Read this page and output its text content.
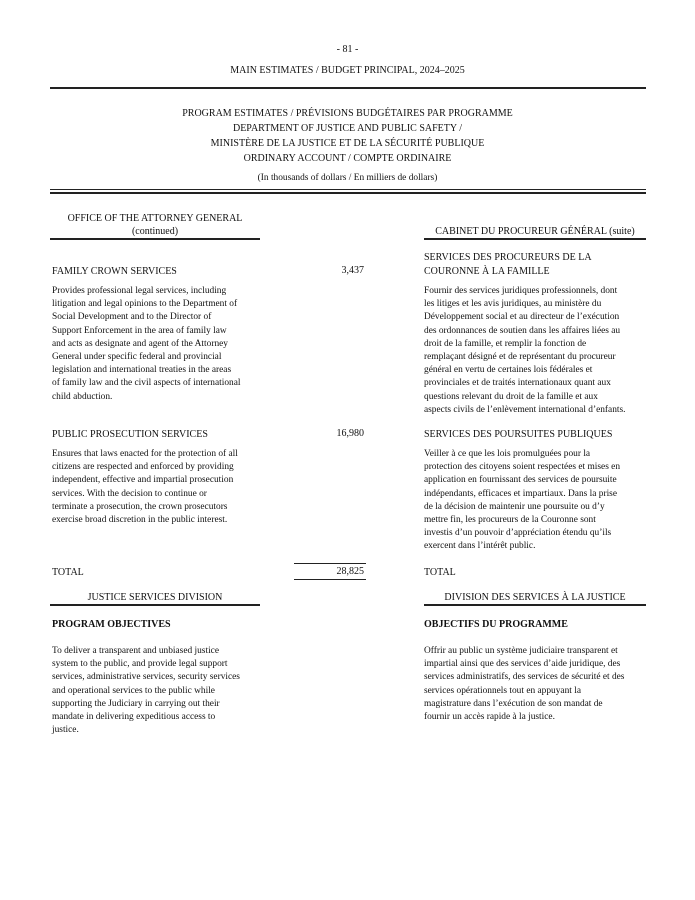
- 81 -
MAIN ESTIMATES / BUDGET PRINCIPAL, 2024–2025
PROGRAM ESTIMATES / PRÉVISIONS BUDGÉTAIRES PAR PROGRAMME
DEPARTMENT OF JUSTICE AND PUBLIC SAFETY /
MINISTÈRE DE LA JUSTICE ET DE LA SÉCURITÉ PUBLIQUE
ORDINARY ACCOUNT / COMPTE ORDINAIRE
(In thousands of dollars / En milliers de dollars)
OFFICE OF THE ATTORNEY GENERAL
(continued)	CABINET DU PROCUREUR GÉNÉRAL (suite)
FAMILY CROWN SERVICES	3,437
SERVICES DES PROCUREURS DE LA
COURONNE À LA FAMILLE
Provides professional legal services, including
litigation and legal opinions to the Department of
Social Development and to the Director of
Support Enforcement in the area of family law
and acts as designate and agent of the Attorney
General under specific federal and provincial
legislation and international treaties in the areas
of family law and the civil aspects of international
child abduction.
Fournir des services juridiques professionnels, dont
les litiges et les avis juridiques, au ministère du
Développement social et au directeur de l’exécution
des ordonnances de soutien dans les affaires liées au
droit de la famille, et remplir la fonction de
remplaçant désigné et de représentant du procureur
général en vertu de certaines lois fédérales et
provinciales et de traités internationaux quant aux
questions relevant du droit de la famille et aux
aspects civils de l’enlèvement international d’enfants.
PUBLIC PROSECUTION SERVICES	16,980	SERVICES DES POURSUITES PUBLIQUES
Ensures that laws enacted for the protection of all
citizens are respected and enforced by providing
independent, effective and impartial prosecution
services. With the decision to continue or
terminate a prosecution, the crown prosecutors
exercise broad discretion in the public interest.
Veiller à ce que les lois promulguées pour la
protection des citoyens soient respectées et mises en
application en fournissant des services de poursuite
indépendants, efficaces et impartiaux. Dans la prise
de la décision de maintenir une poursuite ou d’y
mettre fin, les procureurs de la Couronne sont
investis d’un pouvoir d’appréciation étendu qu’ils
exercent dans l’intérêt public.
TOTAL	28,825	TOTAL
JUSTICE SERVICES DIVISION	DIVISION DES SERVICES À LA JUSTICE
PROGRAM OBJECTIVES	OBJECTIFS DU PROGRAMME
To deliver a transparent and unbiased justice
system to the public, and provide legal support
services, administrative services, security services
and operational services to the public while
supporting the Judiciary in carrying out their
mandate in delivering expeditious access to
justice.
Offrir au public un système judiciaire transparent et
impartial ainsi que des services d’aide juridique, des
services administratifs, des services de sécurité et des
services opérationnels tout en appuyant la
magistrature dans l’exécution de son mandat de
fournir un accès rapide à la justice.
